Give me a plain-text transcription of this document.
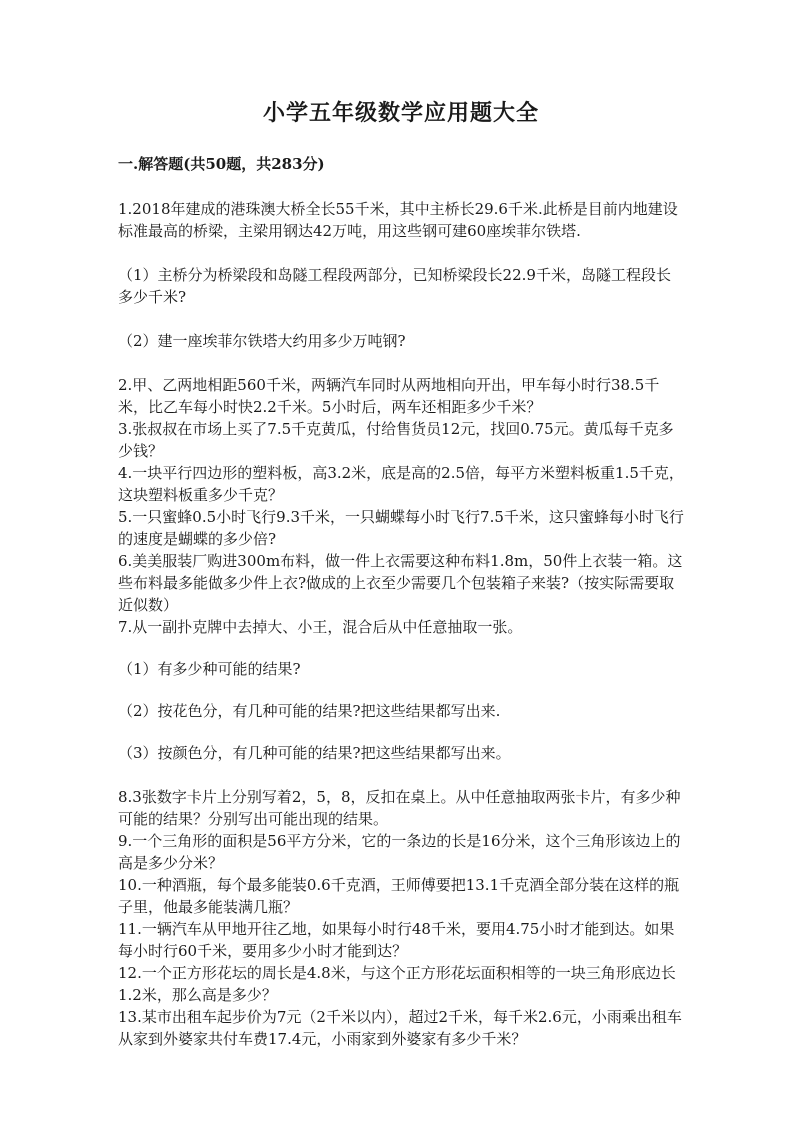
小学五年级数学应用题大全
一.解答题(共50题，共283分)

1.2018年建成的港珠澳大桥全长55千米，其中主桥长29.6千米.此桥是目前内地建设标准最高的桥梁，主梁用钢达42万吨，用这些钢可建60座埃菲尔铁塔.

（1）主桥分为桥梁段和岛隧工程段两部分，已知桥梁段长22.9千米，岛隧工程段长多少千米?

（2）建一座埃菲尔铁塔大约用多少万吨钢?

2.甲、乙两地相距560千米，两辆汽车同时从两地相向开出，甲车每小时行38.5千米，比乙车每小时快2.2千米。5小时后，两车还相距多少千米？

3.张叔叔在市场上买了7.5千克黄瓜，付给售货员12元，找回0.75元。黄瓜每千克多少钱？

4.一块平行四边形的塑料板，高3.2米，底是高的2.5倍，每平方米塑料板重1.5千克，这块塑料板重多少千克？

5.一只蜜蜂0.5小时飞行9.3千米，一只蝴蝶每小时飞行7.5千米，这只蜜蜂每小时飞行的速度是蝴蝶的多少倍?

6.美美服装厂购进300m布料，做一件上衣需要这种布料1.8m，50件上衣装一箱。这些布料最多能做多少件上衣?做成的上衣至少需要几个包装箱子来装?（按实际需要取近似数）

7.从一副扑克牌中去掉大、小王，混合后从中任意抽取一张。

（1）有多少种可能的结果?

（2）按花色分，有几种可能的结果?把这些结果都写出来.

（3）按颜色分，有几种可能的结果?把这些结果都写出来。

8.3张数字卡片上分别写着2，5，8，反扣在桌上。从中任意抽取两张卡片，有多少种可能的结果？分别写出可能出现的结果。

9.一个三角形的面积是56平方分米，它的一条边的长是16分米，这个三角形该边上的高是多少分米？

10.一种酒瓶，每个最多能装0.6千克酒，王师傅要把13.1千克酒全部分装在这样的瓶子里，他最多能装满几瓶？

11.一辆汽车从甲地开往乙地，如果每小时行48千米，要用4.75小时才能到达。如果每小时行60千米，要用多少小时才能到达？

12.一个正方形花坛的周长是4.8米，与这个正方形花坛面积相等的一块三角形底边长1.2米，那么高是多少？

13.某市出租车起步价为7元（2千米以内），超过2千米，每千米2.6元，小雨乘出租车从家到外婆家共付车费17.4元，小雨家到外婆家有多少千米？
